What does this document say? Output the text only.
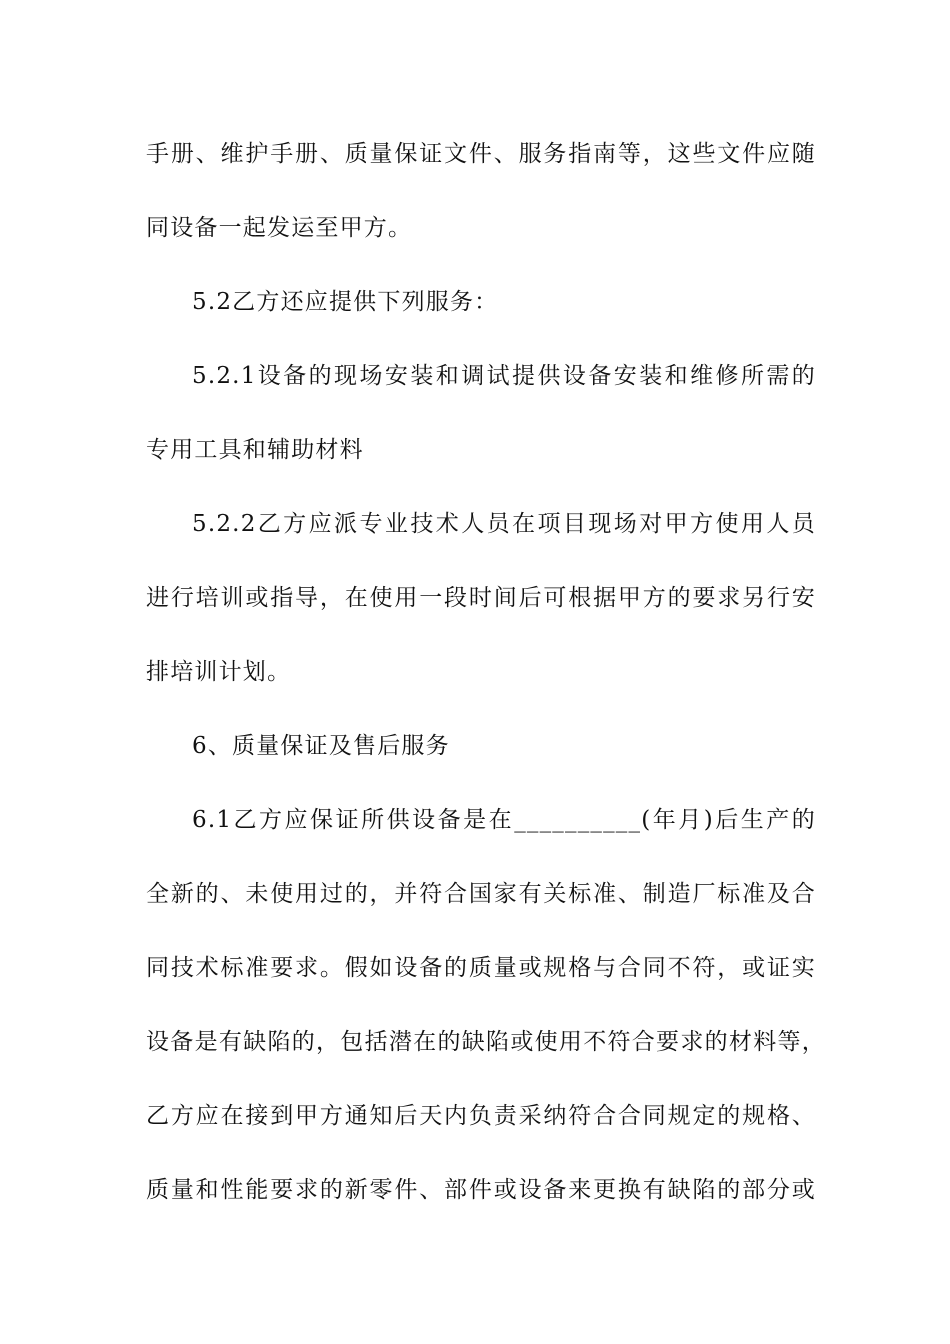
手册、维护手册、质量保证文件、服务指南等，这些文件应随
同设备一起发运至甲方。
5.2乙方还应提供下列服务：
5.2.1设备的现场安装和调试提供设备安装和维修所需的
专用工具和辅助材料
5.2.2乙方应派专业技术人员在项目现场对甲方使用人员
进行培训或指导，在使用一段时间后可根据甲方的要求另行安
排培训计划。
6、质量保证及售后服务
6.1乙方应保证所供设备是在__________(年月)后生产的
全新的、未使用过的，并符合国家有关标准、制造厂标准及合
同技术标准要求。假如设备的质量或规格与合同不符，或证实
设备是有缺陷的，包括潜在的缺陷或使用不符合要求的材料等，
乙方应在接到甲方通知后天内负责采纳符合合同规定的规格、
质量和性能要求的新零件、部件或设备来更换有缺陷的部分或
